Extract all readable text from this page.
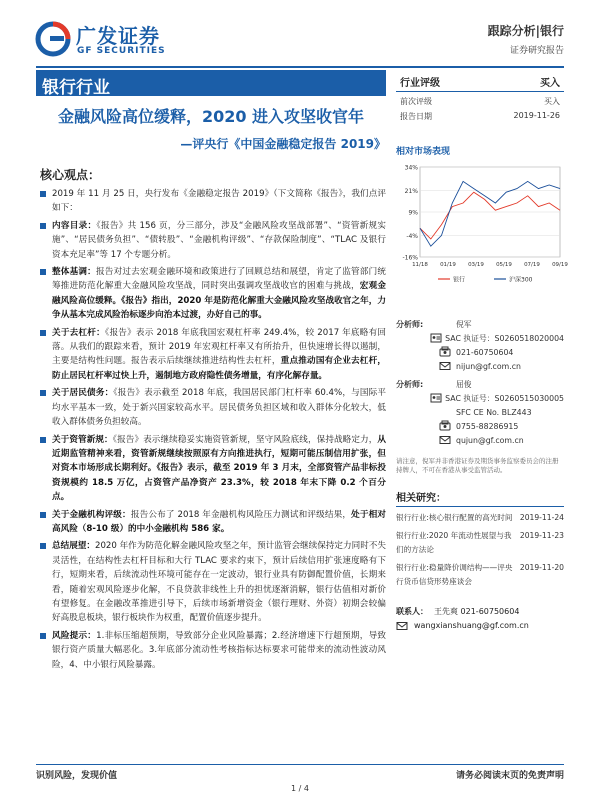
广发证券
GF SECURITIES
跟踪分析|银行
证券研究报告
银行行业
金融风险高位缓释，2020 进入攻坚收官年
—评央行《中国金融稳定报告 2019》
核心观点：
2019 年 11 月 25 日，央行发布《金融稳定报告 2019》（下文简称《报告》，我们点评如下：
内容目录：《报告》共 156 页，分三部分，涉及“金融风险攻坚战部署”、“资管新规实施”、“居民债务负担”、“债转股”、“金融机构评级”、“存款保险制度”、“TLAC 及银行资本充足率”等 17 个专题分析。
整体基调：报告对过去宏观金融环境和政策进行了回顾总结和展望，肯定了监管部门统筹推进防范化解重大金融风险攻坚战，同时突出强调攻坚战收官的困难与挑战，宏观金融风险高位缓释。《报告》指出，2020 年是防范化解重大金融风险攻坚战收官之年，力争从基本完成风险治标逐步向治本过渡，办好自己的事。
关于去杠杆：《报告》表示 2018 年底我国宏观杠杆率 249.4%，较 2017 年底略有回落。从我们的跟踪来看，预计 2019 年宏观杠杆率又有所抬升，但快速增长得以遏制，主要是结构性问题。报告表示后续继续推进结构性去杠杆，重点推动国有企业去杠杆，防止居民杠杆率过快上升，遏制地方政府隐性债务增量，有序化解存量。
关于居民债务：《报告》表示截至 2018 年底，我国居民部门杠杆率 60.4%，与国际平均水平基本一致，处于新兴国家较高水平。居民债务负担区域和收入群体分化较大，低收入群体债务负担较高。
关于资管新规：《报告》表示继续稳妥实施资管新规，坚守风险底线，保持战略定力，从近期监管精神来看，资管新规继续按照原有方向推进执行，短期可能压制信用扩张，但对资本市场形成长期利好。《报告》表示，截至 2019 年 3 月末，全部资管产品非标投资规模约 18.5 万亿，占资管产品净资产 23.3%，较 2018 年末下降 0.2 个百分点。
关于金融机构评级：报告公布了 2018 年金融机构风险压力测试和评级结果，处于相对高风险（8-10 级）的中小金融机构 586 家。
总结展望：2020 年作为防范化解金融风险攻坚之年，预计监管会继续保持定力同时不失灵活性，在结构性去杠杆目标和大行 TLAC 要求约束下，预计后续信用扩张速度略有下行，短期来看，后续流动性环境可能存在一定波动，银行业具有防御配置价值，长期来看，随着宏观风险逐步化解，不良贷款非线性上升的担忧逐渐消解，银行估值相对新价有望修复。在金融改革推进引导下，后续市场新增资金（银行理财、外资）初期会较偏好高股息板块，银行板块作为权重，配置价值逐步提升。
风险提示：1.非标压缩超预期，导致部分企业风险暴露；2.经济增速下行超预期，导致银行资产质量大幅恶化。3.年底部分流动性考核指标达标要求可能带来的流动性波动风险，4、中小银行风险暴露。
行业评级	买入
前次评级	买入
报告日期	2019-11-26
相对市场表现
34%
21%
9%
-4%
-16%
11/18 01/19 03/19 05/19 07/19 09/19
银行	沪深300
分析师:	倪军
SAC 执证号：S0260518020004
021-60750604
nijun@gf.com.cn
分析师:	屈俊
SAC 执证号：S0260515030005
SFC CE No. BLZ443
0755-88286915
qujun@gf.com.cn
请注意，倪军并非香港证券及期货事务监察委员会的注册持牌人，不可在香港从事受监管活动。
相关研究：
银行行业:核心银行配置的高光时间 2019-11-24
银行行业:2020 年流动性展望与我们的方法论
2019-11-23
银行行业:稳量降价调结构——评央行货币信贷形势座谈会
2019-11-20
联系人： 王先爽 021-60750604
wangxianshuang@gf.com.cn
识别风险，发现价值	请务必阅读末页的免责声明
1 / 4
